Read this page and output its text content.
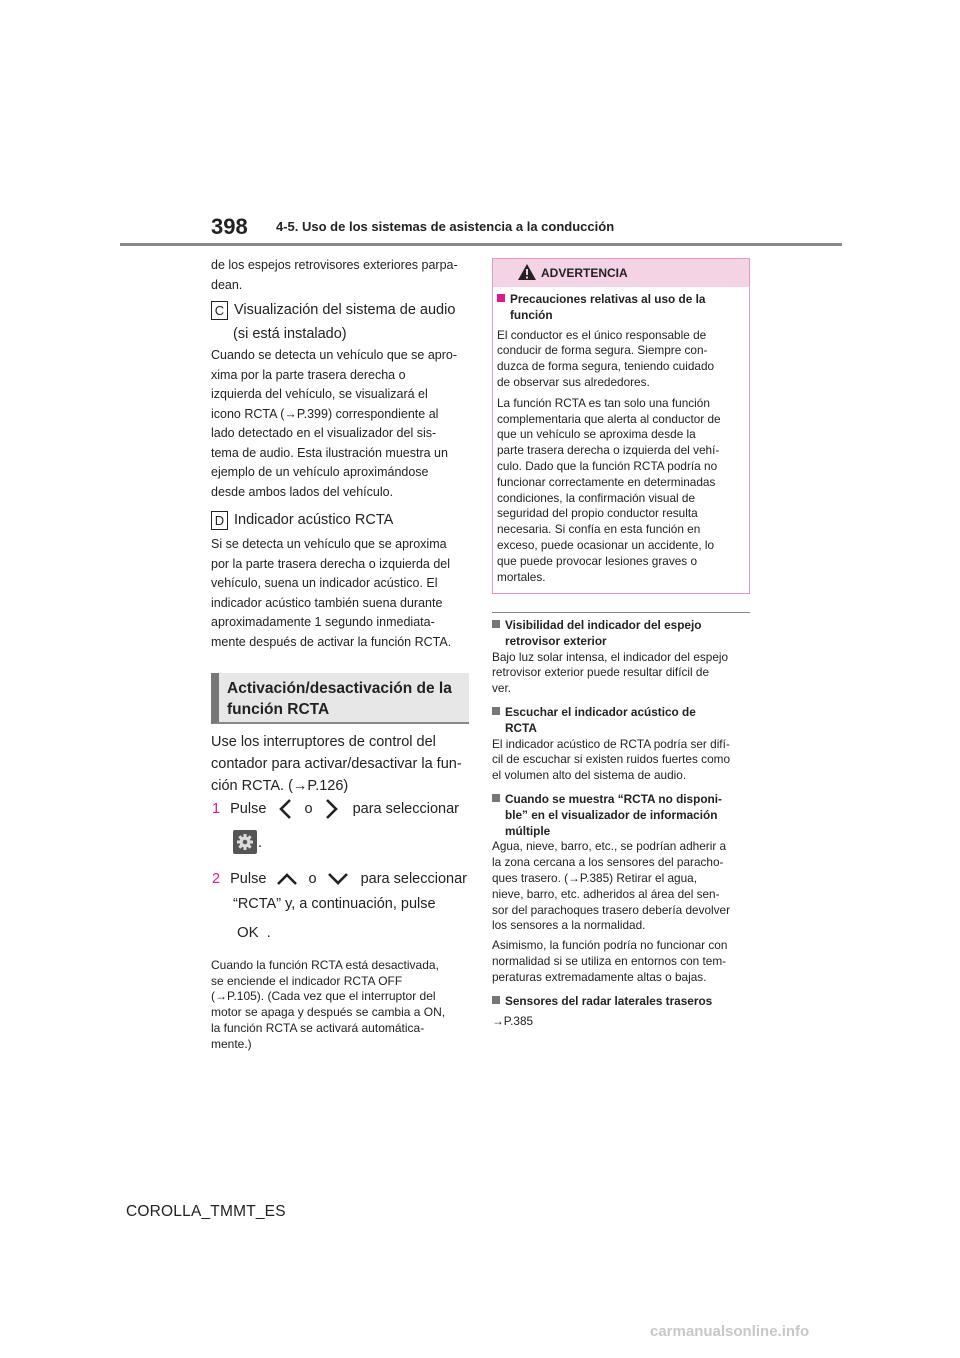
398 4-5. Uso de los sistemas de asistencia a la conducción
de los espejos retrovisores exteriores parpa-
dean.
C Visualización del sistema de audio
(si está instalado)
Cuando se detecta un vehículo que se apro-
xima por la parte trasera derecha o
izquierda del vehículo, se visualizará el
icono RCTA (→P.399) correspondiente al
lado detectado en el visualizador del sis-
tema de audio. Esta ilustración muestra un
ejemplo de un vehículo aproximándose
desde ambos lados del vehículo.
D Indicador acústico RCTA
Si se detecta un vehículo que se aproxima
por la parte trasera derecha o izquierda del
vehículo, suena un indicador acústico. El
indicador acústico también suena durante
aproximadamente 1 segundo inmediata-
mente después de activar la función RCTA.
Activación/desactivación de la
función RCTA
Use los interruptores de control del
contador para activar/desactivar la fun-
ción RCTA. (→P.126)
1 Pulse	o	para seleccionar
.
2 Pulse	o	para seleccionar
“RCTA” y, a continuación, pulse
OK .
Cuando la función RCTA está desactivada,
se enciende el indicador RCTA OFF
(→P.105). (Cada vez que el interruptor del
motor se apaga y después se cambia a ON,
la función RCTA se activará automática-
mente.)
ADVERTENCIA
Precauciones relativas al uso de la
función
El conductor es el único responsable de
conducir de forma segura. Siempre con-
duzca de forma segura, teniendo cuidado
de observar sus alrededores.
La función RCTA es tan solo una función
complementaria que alerta al conductor de
que un vehículo se aproxima desde la
parte trasera derecha o izquierda del vehí-
culo. Dado que la función RCTA podría no
funcionar correctamente en determinadas
condiciones, la confirmación visual de
seguridad del propio conductor resulta
necesaria. Si confía en esta función en
exceso, puede ocasionar un accidente, lo
que puede provocar lesiones graves o
mortales.
Visibilidad del indicador del espejo
retrovisor exterior
Bajo luz solar intensa, el indicador del espejo
retrovisor exterior puede resultar difícil de
ver.
Escuchar el indicador acústico de
RCTA
El indicador acústico de RCTA podría ser difí-
cil de escuchar si existen ruidos fuertes como
el volumen alto del sistema de audio.
Cuando se muestra “RCTA no disponi-
ble” en el visualizador de información
múltiple
Agua, nieve, barro, etc., se podrían adherir a
la zona cercana a los sensores del paracho-
ques trasero. (→P.385) Retirar el agua,
nieve, barro, etc. adheridos al área del sen-
sor del parachoques trasero debería devolver
los sensores a la normalidad.
Asimismo, la función podría no funcionar con
normalidad si se utiliza en entornos con tem-
peraturas extremadamente altas o bajas.
Sensores del radar laterales traseros
→P.385
COROLLA_TMMT_ES
carmanualsonline.info
